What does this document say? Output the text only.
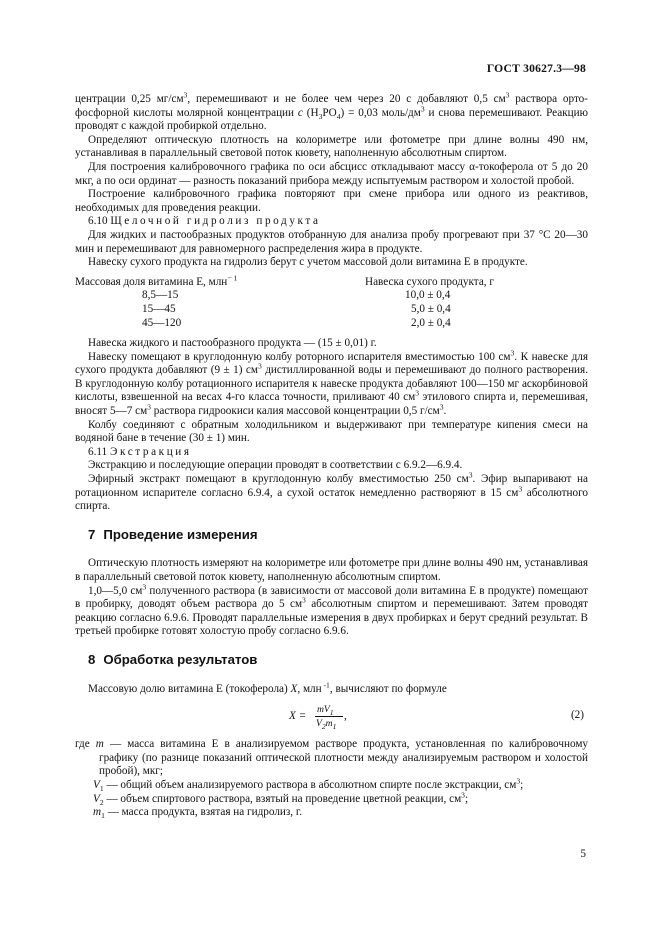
ГОСТ 30627.3—98

центрации 0,25 $мг/см^3$, перемешивают и не более чем через 20 с добавляют 0,5 $см^3$ раствора орто-фосфорной кислоты молярной концентрации c $(H_3PO_4) = 0,03$ моль/$дм^3$ и снова перемешивают. Реакцию проводят с каждой пробиркой отдельно.

Определяют оптическую плотность на колориметре или фотометре при длине волны 490 нм, устанавливая в параллельный световой поток кювету, наполненную абсолютным спиртом.

Для построения калибровочного графика по оси абсцисс откладывают массу α-токоферола от 5 до 20 мкг, а по оси ординат — разность показаний прибора между испытуемым раствором и холостой пробой.

Построение калибровочного графика повторяют при смене прибора или одного из реактивов, необходимых для проведения реакции.

6.10 Щелочной гидролиз продукта

Для жидких и пастообразных продуктов отобранную для анализа пробу прогревают при 37 °С 20—30 мин и перемешивают для равномерного распределения жира в продукте.

Навеску сухого продукта на гидролиз берут с учетом массовой доли витамина Е в продукте.

Массовая доля витамина Е, млн$^{- 1}$	Навеска сухого продукта, г
8,5—15	10,0 ± 0,4
15—45	5,0 ± 0,4
45—120	2,0 ± 0,4

Навеска жидкого и пастообразного продукта — (15 ± 0,01) г.

Навеску помещают в круглодонную колбу роторного испарителя вместимостью 100 $см^3$. К навеске для сухого продукта добавляют (9 ± 1) $см^3$ дистиллированной воды и перемешивают до полного растворения. В круглодонную колбу ротационного испарителя к навеске продукта добавляют 100—150 мг аскорбиновой кислоты, взвешенной на весах 4-го класса точности, приливают 40 $см^3$ этилового спирта и, перемешивая, вносят 5—7 $см^3$ раствора гидроокиси калия массовой концентрации 0,5 $г/см^3$.

Колбу соединяют с обратным холодильником и выдерживают при температуре кипения смеси на водяной бане в течение (30 ± 1) мин.

6.11 Экстракция

Экстракцию и последующие операции проводят в соответствии с 6.9.2—6.9.4.

Эфирный экстракт помещают в круглодонную колбу вместимостью 250 $см^3$. Эфир выпаривают на ротационном испарителе согласно 6.9.4, а сухой остаток немедленно растворяют в 15 $см^3$ абсолютного спирта.

7 Проведение измерения

Оптическую плотность измеряют на колориметре или фотометре при длине волны 490 нм, устанавливая в параллельный световой поток кювету, наполненную абсолютным спиртом.

1,0—5,0 $см^3$ полученного раствора (в зависимости от массовой доли витамина Е в продукте) помещают в пробирку, доводят объем раствора до 5 $см^3$ абсолютным спиртом и перемешивают. Затем проводят реакцию согласно 6.9.6. Проводят параллельные измерения в двух пробирках и берут средний результат. В третьей пробирке готовят холостую пробу согласно 6.9.6.

8 Обработка результатов

Массовую долю витамина Е (токоферола) X, млн $^{-1}$, вычисляют по формуле

X =
$mV_1$
$V_2m_1$
,	(2)

где m — масса витамина Е в анализируемом растворе продукта, установленная по калибровочному графику (по разнице показаний оптической плотности между анализируемым раствором и холостой пробой), мкг;

$V_1$ — общий объем анализируемого раствора в абсолютном спирте после экстракции, $см^3$;

$V_2$ — объем спиртового раствора, взятый на проведение цветной реакции, $см^3$;

$m_1$ — масса продукта, взятая на гидролиз, г.

5
